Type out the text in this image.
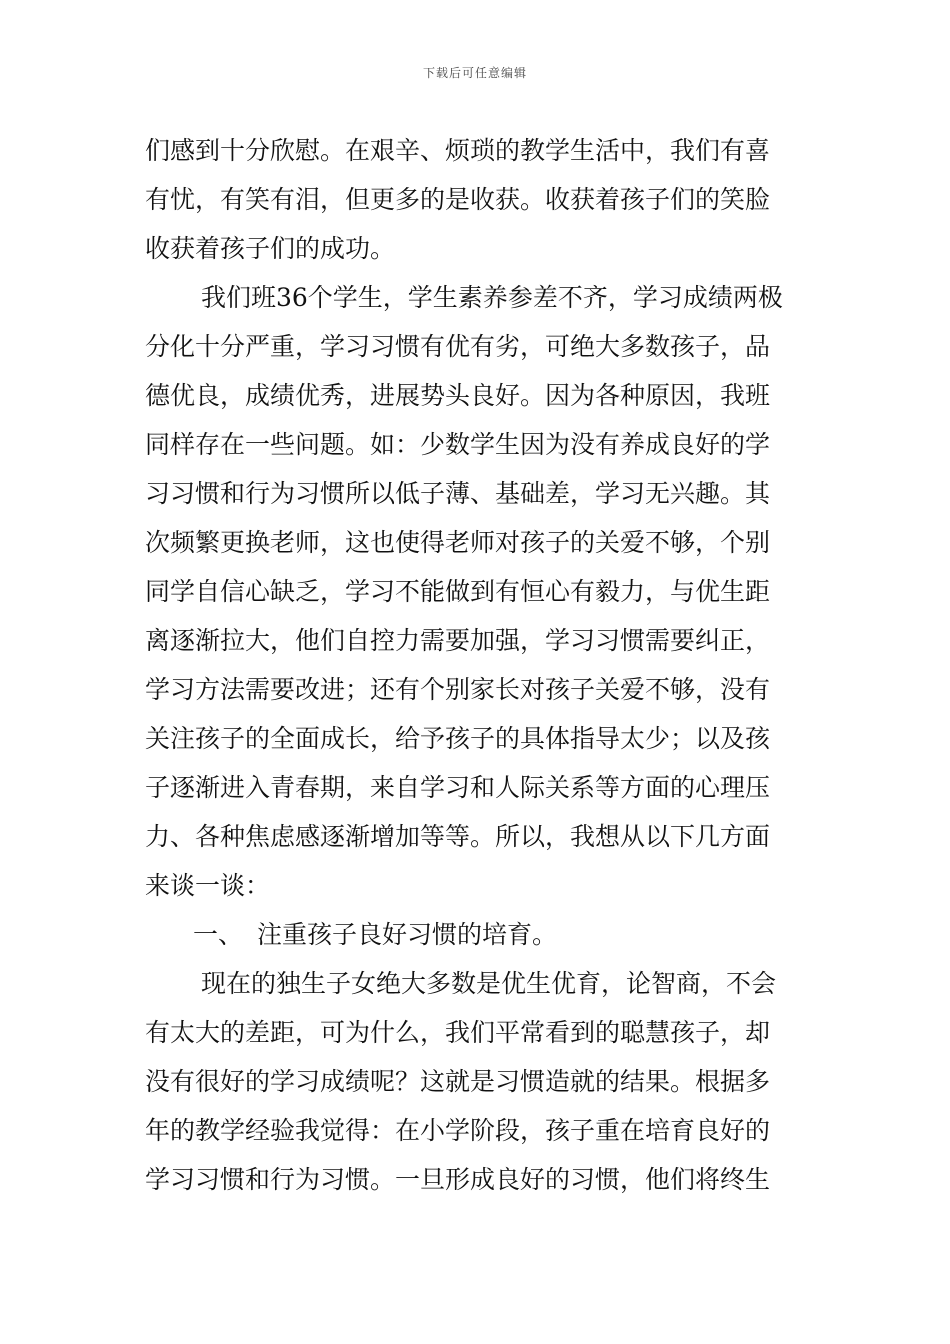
下载后可任意编辑
们感到十分欣慰。在艰辛、烦琐的教学生活中，我们有喜
有忧，有笑有泪，但更多的是收获。收获着孩子们的笑脸
收获着孩子们的成功。
我们班36个学生，学生素养参差不齐，学习成绩两极
分化十分严重，学习习惯有优有劣，可绝大多数孩子，品
德优良，成绩优秀，进展势头良好。因为各种原因，我班
同样存在一些问题。如：少数学生因为没有养成良好的学
习习惯和行为习惯所以低子薄、基础差，学习无兴趣。其
次频繁更换老师，这也使得老师对孩子的关爱不够，个别
同学自信心缺乏，学习不能做到有恒心有毅力，与优生距
离逐渐拉大，他们自控力需要加强，学习习惯需要纠正，
学习方法需要改进；还有个别家长对孩子关爱不够，没有
关注孩子的全面成长，给予孩子的具体指导太少；以及孩
子逐渐进入青春期，来自学习和人际关系等方面的心理压
力、各种焦虑感逐渐增加等等。所以，我想从以下几方面
来谈一谈：
一、 注重孩子良好习惯的培育。
现在的独生子女绝大多数是优生优育，论智商，不会
有太大的差距，可为什么，我们平常看到的聪慧孩子，却
没有很好的学习成绩呢？这就是习惯造就的结果。根据多
年的教学经验我觉得：在小学阶段，孩子重在培育良好的
学习习惯和行为习惯。一旦形成良好的习惯，他们将终生
